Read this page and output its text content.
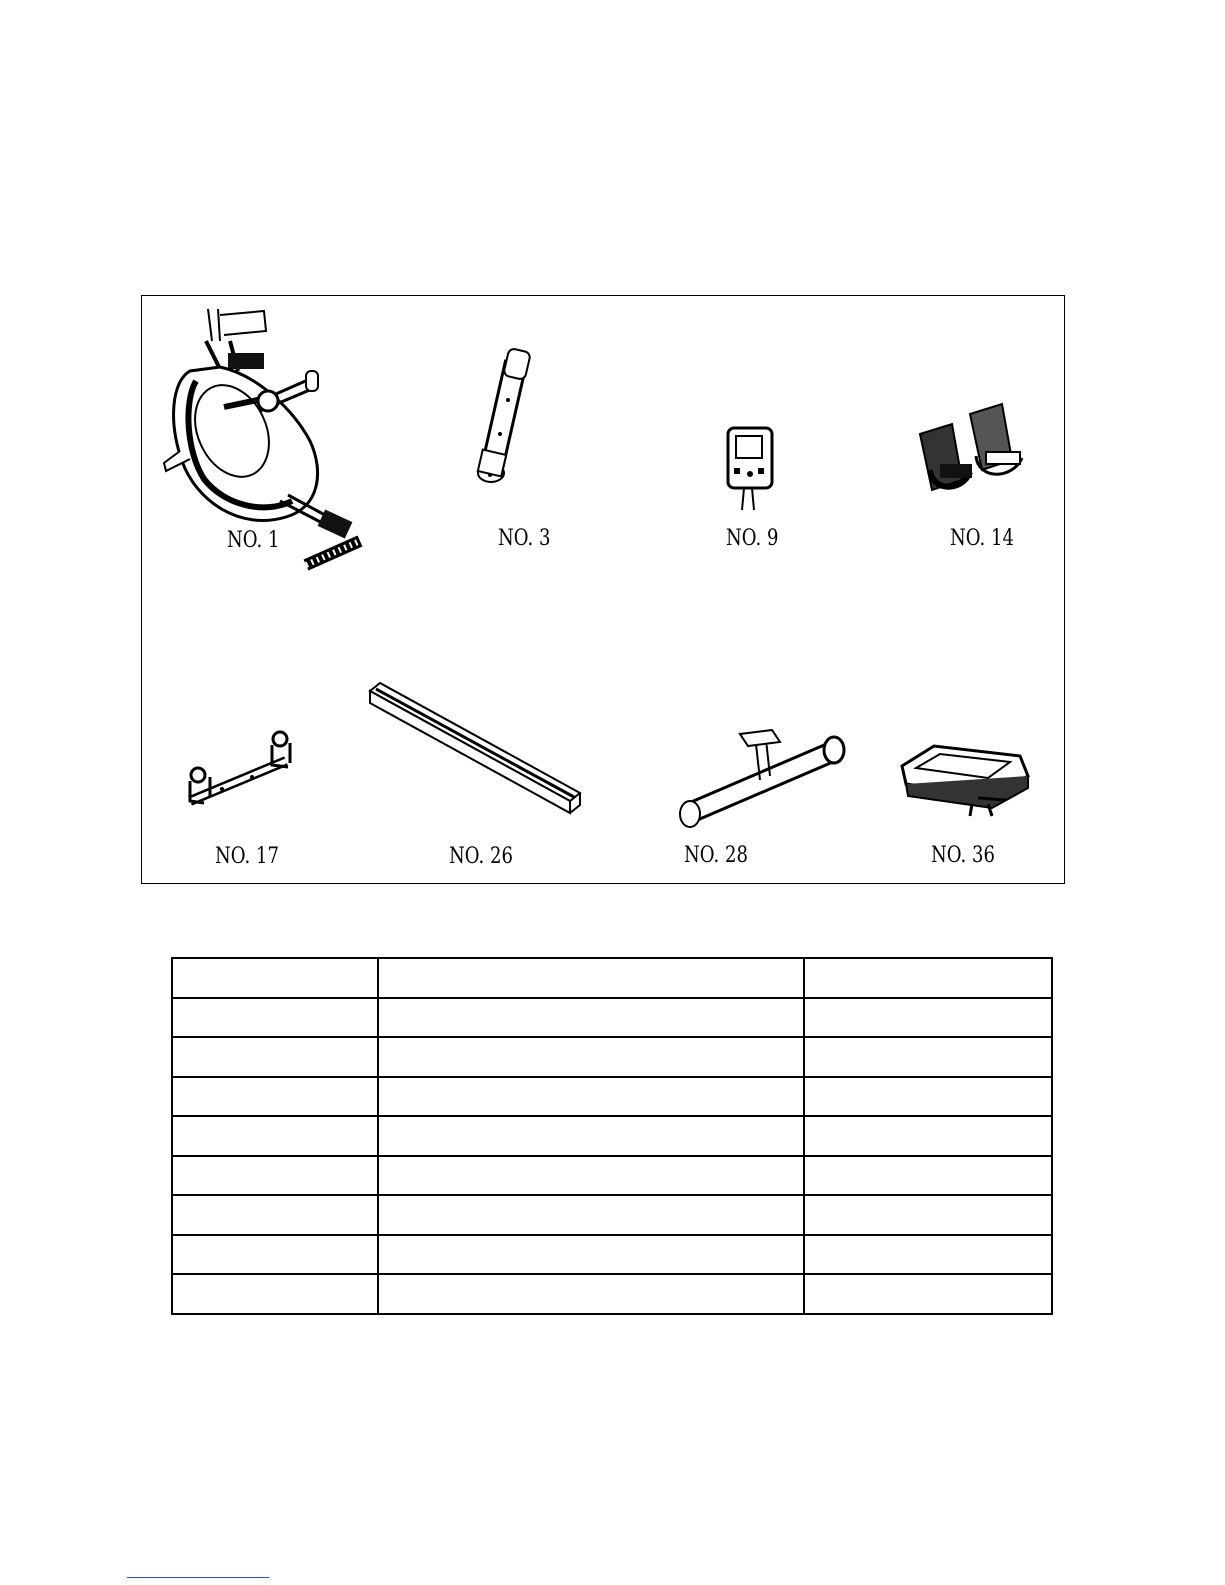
NO. 1	NO. 3	NO. 9	NO. 14
NO. 17	NO. 26	NO. 28	NO. 36
